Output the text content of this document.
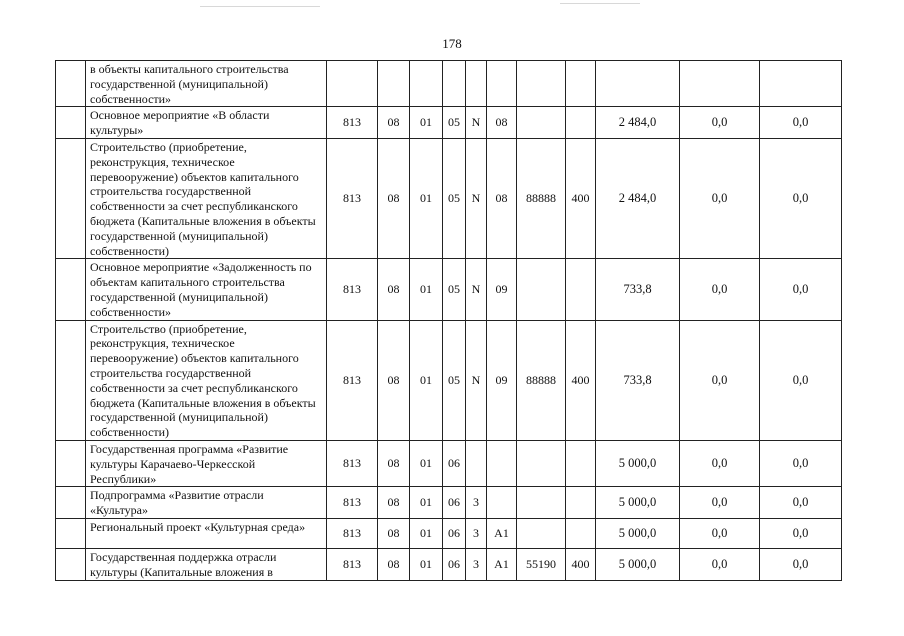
178
	в объекты капитального строительства государственной (муниципальной) собственности»											
	Основное мероприятие «В области культуры»	813	08	01	05	N	08			2 484,0	0,0	0,0
	Строительство (приобретение, реконструкция, техническое перевооружение) объектов капитального строительства государственной собственности за счет республиканского бюджета (Капитальные вложения в объекты государственной (муниципальной) собственности)	813	08	01	05	N	08	88888	400	2 484,0	0,0	0,0
	Основное мероприятие «Задолженность по объектам капитального строительства государственной (муниципальной) собственности»	813	08	01	05	N	09			733,8	0,0	0,0
	Строительство (приобретение, реконструкция, техническое перевооружение) объектов капитального строительства государственной собственности за счет республиканского бюджета (Капитальные вложения в объекты государственной (муниципальной) собственности)	813	08	01	05	N	09	88888	400	733,8	0,0	0,0
	Государственная программа «Развитие культуры Карачаево-Черкесской Республики»	813	08	01	06					5 000,0	0,0	0,0
	Подпрограмма «Развитие отрасли «Культура»	813	08	01	06	3				5 000,0	0,0	0,0
	Региональный проект «Культурная среда»	813	08	01	06	3	А1			5 000,0	0,0	0,0
	Государственная поддержка отрасли культуры (Капитальные вложения в	813	08	01	06	3	А1	55190	400	5 000,0	0,0	0,0
